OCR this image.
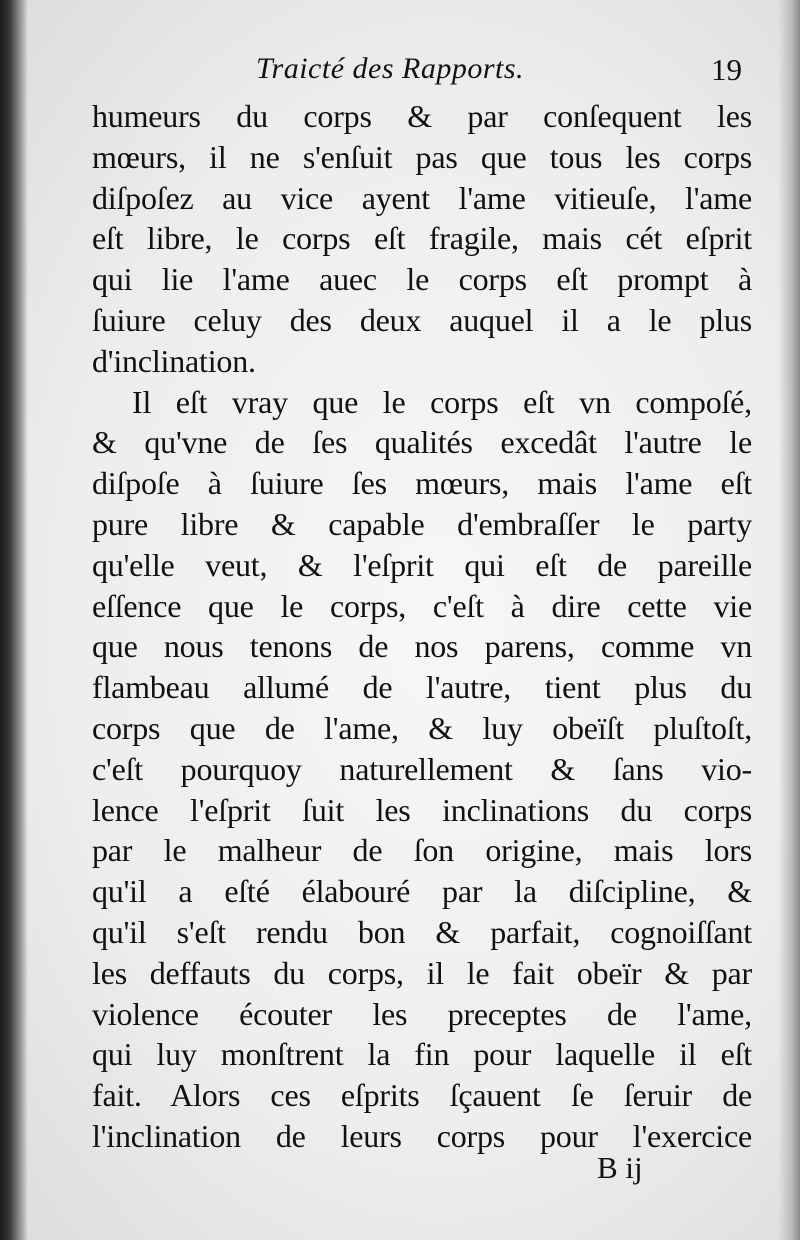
Traicté des Rapports.	19
humeurs du corps & par conſequent les
mœurs, il ne s'enſuit pas que tous les corps
diſpoſez au vice ayent l'ame vitieuſe, l'ame
eſt libre, le corps eſt fragile, mais cét eſprit
qui lie l'ame auec le corps eſt prompt à
ſuiure celuy des deux auquel il a le plus
d'inclination.
Il eſt vray que le corps eſt vn compoſé,
& qu'vne de ſes qualités excedât l'autre le
diſpoſe à ſuiure ſes mœurs, mais l'ame eſt
pure libre & capable d'embraſſer le party
qu'elle veut, & l'eſprit qui eſt de pareille
eſſence que le corps, c'eſt à dire cette vie
que nous tenons de nos parens, comme vn
flambeau allumé de l'autre, tient plus du
corps que de l'ame, & luy obeïſt pluſtoſt,
c'eſt pourquoy naturellement & ſans vio-
lence l'eſprit ſuit les inclinations du corps
par le malheur de ſon origine, mais lors
qu'il a eſté élabouré par la diſcipline, &
qu'il s'eſt rendu bon & parfait, cognoiſſant
les deffauts du corps, il le fait obeïr & par
violence écouter les preceptes de l'ame,
qui luy monſtrent la fin pour laquelle il eſt
fait. Alors ces eſprits ſçauent ſe ſeruir de
l'inclination de leurs corps pour l'exercice
B ij
